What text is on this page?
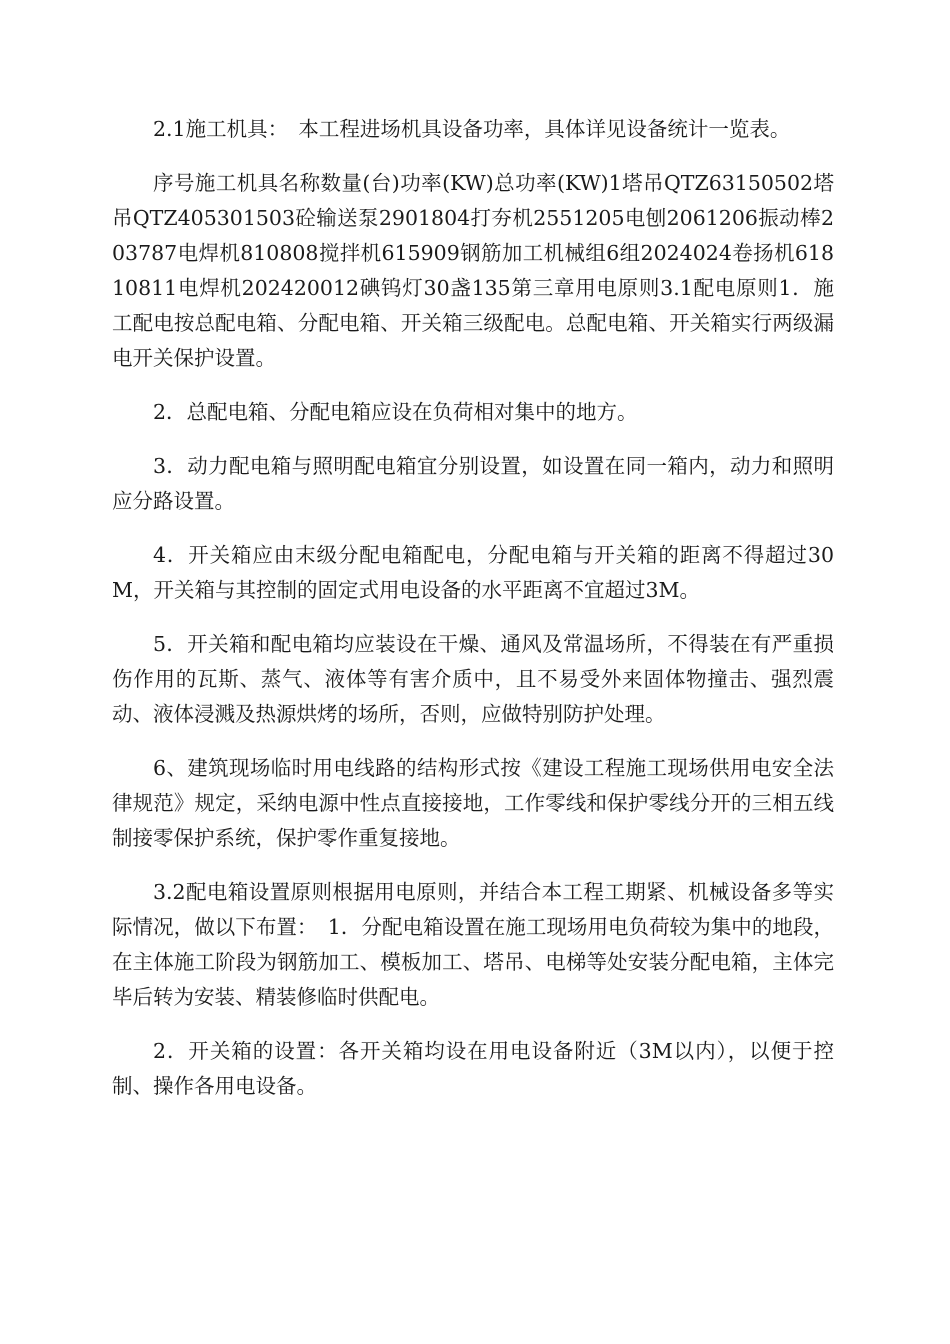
2.1施工机具：　本工程进场机具设备功率，具体详见设备统计一览表。

序号施工机具名称数量(台)功率(KW)总功率(KW)1塔吊QTZ63150502塔吊QTZ405301503砼输送泵2901804打夯机2551205电刨2061206振动棒203787电焊机810808搅拌机615909钢筋加工机械组6组2024024卷扬机61810811电焊机202420012碘钨灯30盏135第三章用电原则3.1配电原则1．施工配电按总配电箱、分配电箱、开关箱三级配电。总配电箱、开关箱实行两级漏电开关保护设置。

2．总配电箱、分配电箱应设在负荷相对集中的地方。

3．动力配电箱与照明配电箱宜分别设置，如设置在同一箱内，动力和照明应分路设置。

4．开关箱应由末级分配电箱配电，分配电箱与开关箱的距离不得超过30M，开关箱与其控制的固定式用电设备的水平距离不宜超过3M。

5．开关箱和配电箱均应装设在干燥、通风及常温场所，不得装在有严重损伤作用的瓦斯、蒸气、液体等有害介质中，且不易受外来固体物撞击、强烈震动、液体浸溅及热源烘烤的场所，否则，应做特别防护处理。

6、建筑现场临时用电线路的结构形式按《建设工程施工现场供用电安全法律规范》规定，采纳电源中性点直接接地，工作零线和保护零线分开的三相五线制接零保护系统，保护零作重复接地。

3.2配电箱设置原则根据用电原则，并结合本工程工期紧、机械设备多等实际情况，做以下布置：　1．分配电箱设置在施工现场用电负荷较为集中的地段，在主体施工阶段为钢筋加工、模板加工、塔吊、电梯等处安装分配电箱，主体完毕后转为安装、精装修临时供配电。

2．开关箱的设置：各开关箱均设在用电设备附近（3M以内），以便于控制、操作各用电设备。
